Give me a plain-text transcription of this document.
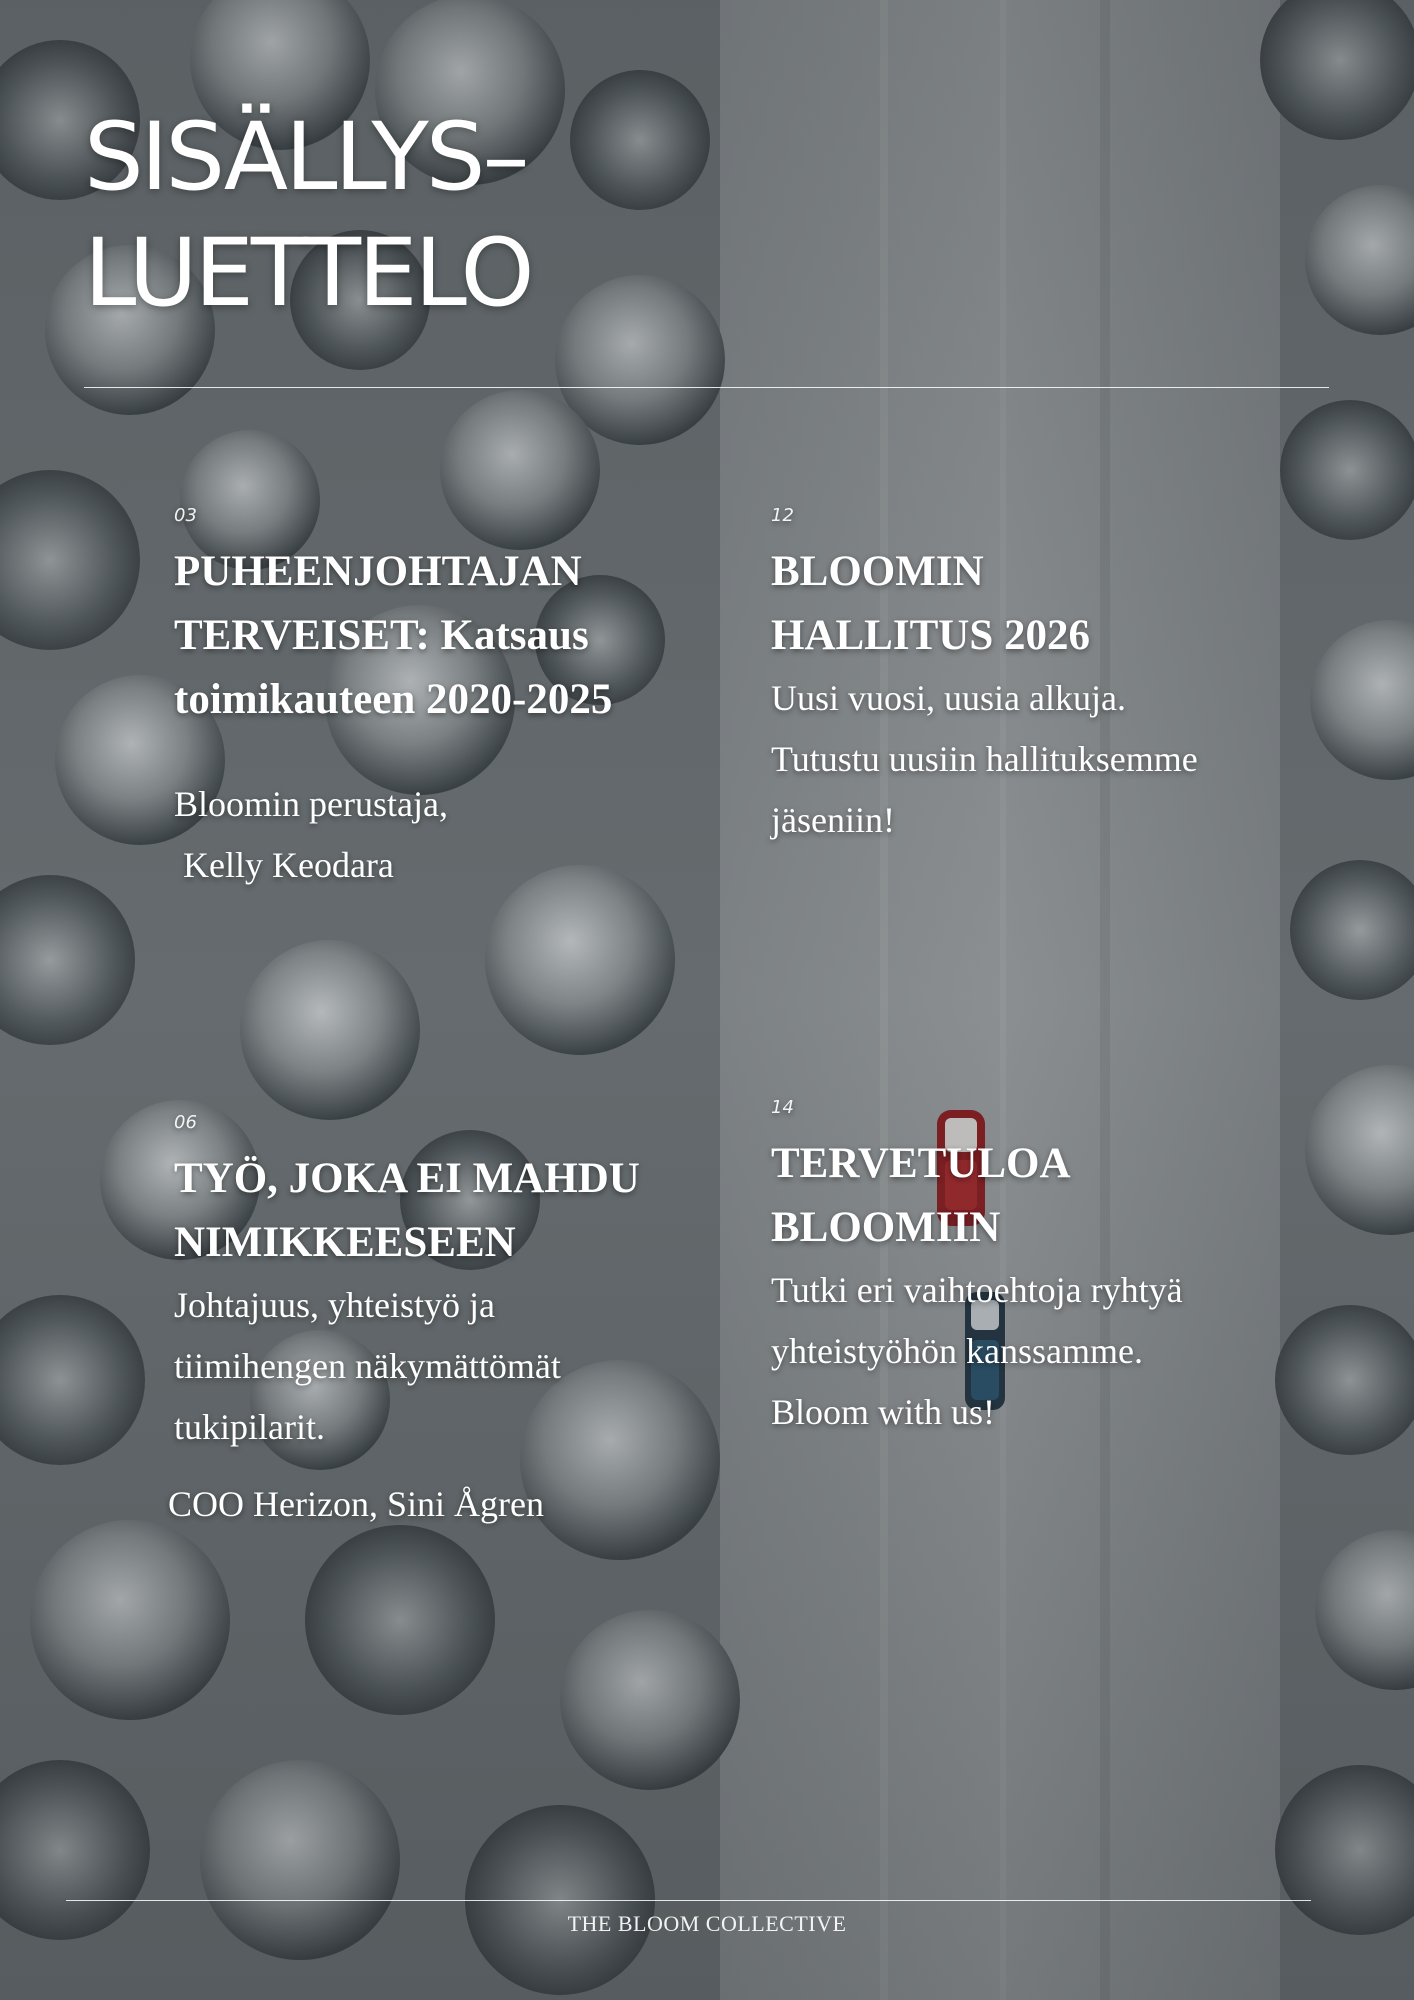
SISÄLLYS–
LUETTELO

03

PUHEENJOHTAJAN
TERVEISET: Katsaus
toimikauteen 2020-2025

Bloomin perustaja,
Kelly Keodara

12

BLOOMIN
HALLITUS 2026

Uusi vuosi, uusia alkuja.
Tutustu uusiin hallituksemme
jäseniin!

06

TYÖ, JOKA EI MAHDU
NIMIKKEESEEN

Johtajuus, yhteistyö ja
tiimihengen näkymättömät
tukipilarit.

COO Herizon, Sini Ågren

14

TERVETULOA
BLOOMIIN

Tutki eri vaihtoehtoja ryhtyä
yhteistyöhön kanssamme.
Bloom with us!

THE BLOOM COLLECTIVE
